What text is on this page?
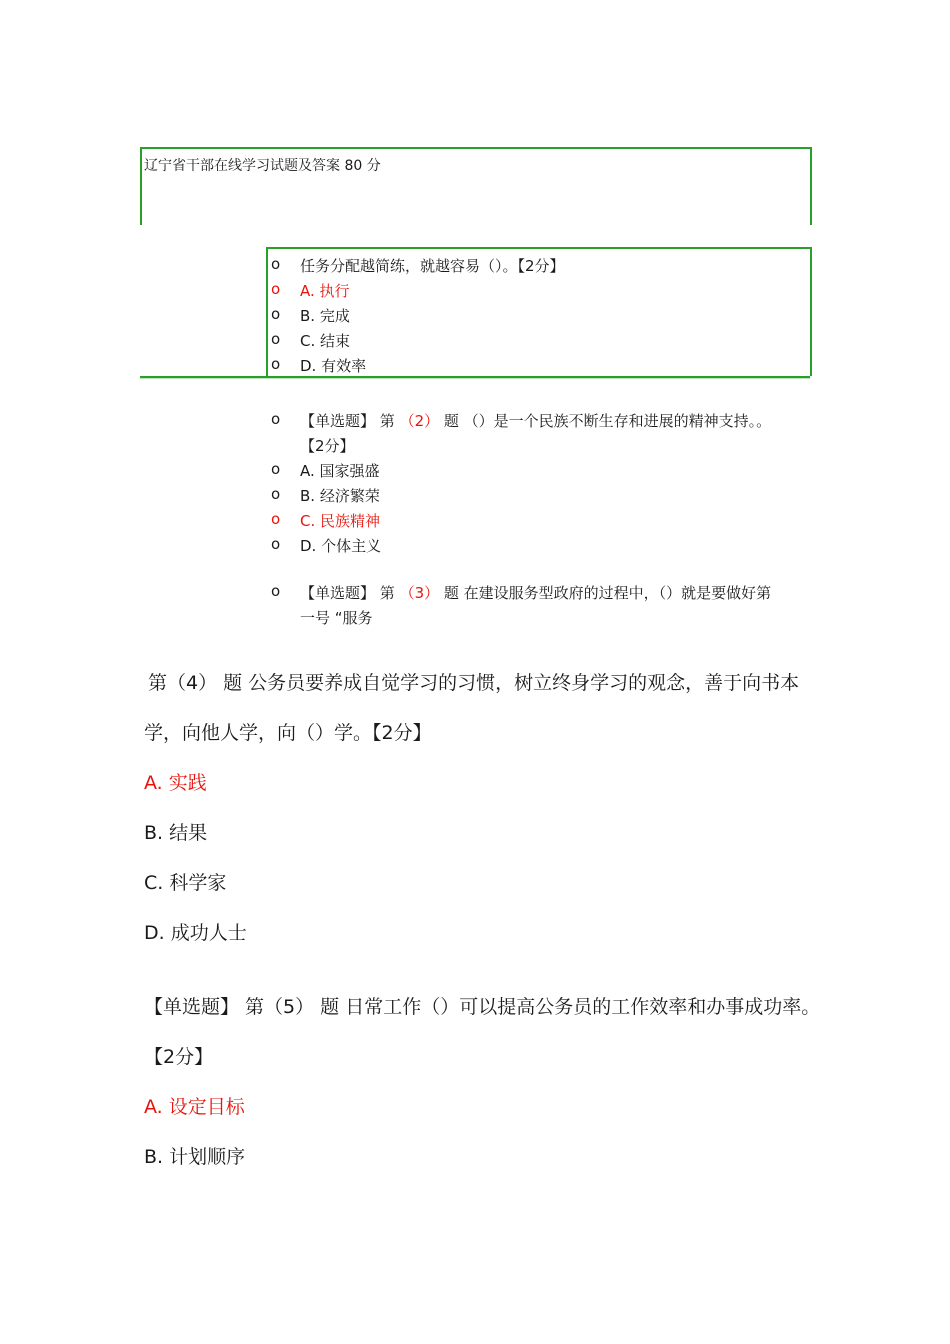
辽宁省干部在线学习试题及答案 80 分
o 任务分配越简练，就越容易（）。【2分】
o A. 执行
o B. 完成
o C. 结束
o D. 有效率
o 【单选题】 第 （2） 题 （）是一个民族不断生存和进展的精神支持。。
【2分】
o A. 国家强盛
o B. 经济繁荣
o C. 民族精神
o D. 个体主义
o 【单选题】 第 （3） 题 在建设服务型政府的过程中，（）就是要做好第
一号 “服务
第（4） 题 公务员要养成自觉学习的习惯，树立终身学习的观念，善于向书本
学，向他人学，向（）学。【2分】
A. 实践
B. 结果
C. 科学家
D. 成功人士
【单选题】 第（5） 题 日常工作（）可以提高公务员的工作效率和办事成功率。
【2分】
A. 设定目标
B. 计划顺序
